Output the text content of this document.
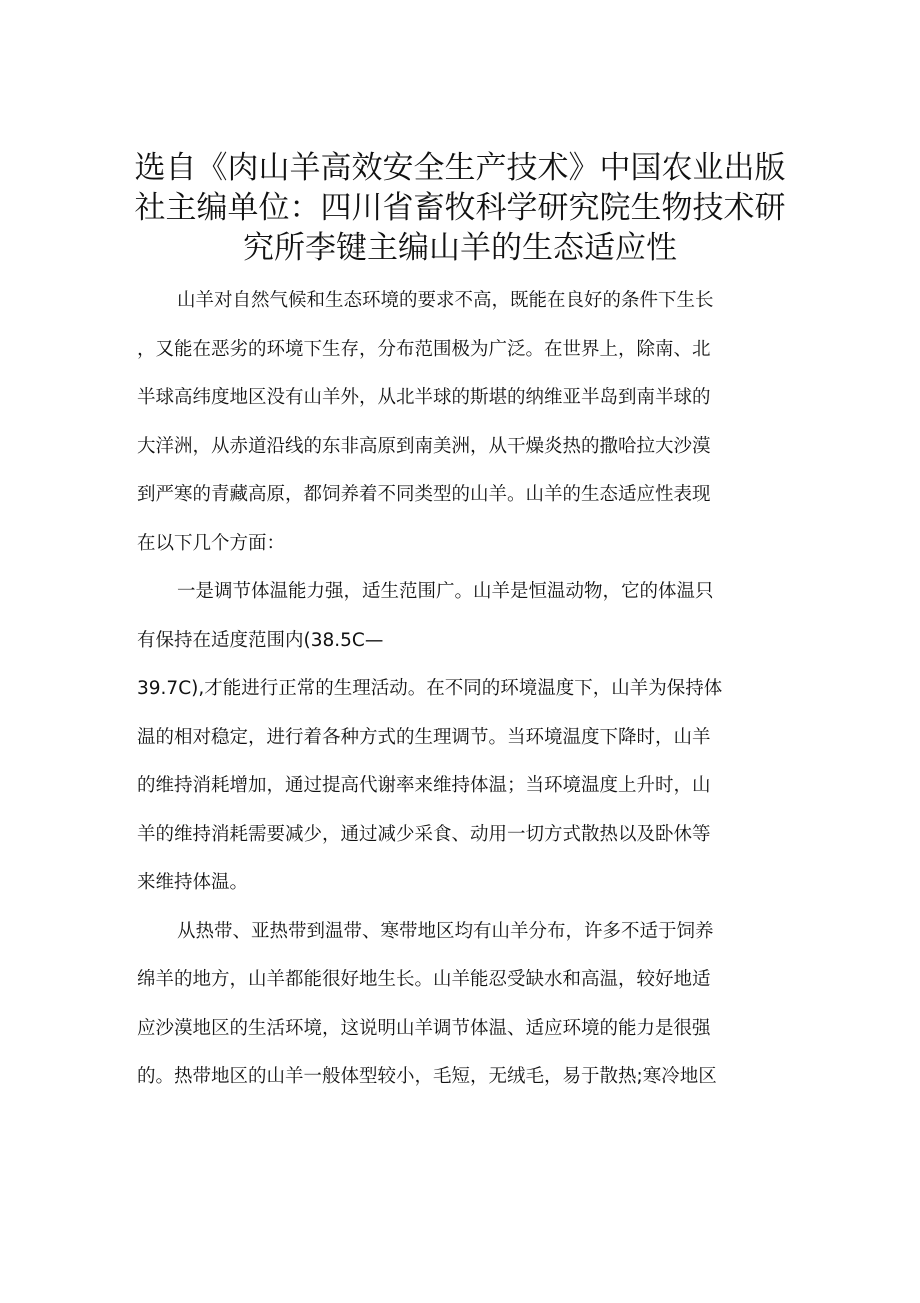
选自《肉山羊高效安全生产技术》中国农业出版
社主编单位：四川省畜牧科学研究院生物技术研
究所李键主编山羊的生态适应性
山羊对自然气候和生态环境的要求不高，既能在良好的条件下生长
，又能在恶劣的环境下生存，分布范围极为广泛。在世界上，除南、北
半球高纬度地区没有山羊外，从北半球的斯堪的纳维亚半岛到南半球的
大洋洲，从赤道沿线的东非高原到南美洲，从干燥炎热的撒哈拉大沙漠
到严寒的青藏高原，都饲养着不同类型的山羊。山羊的生态适应性表现
在以下几个方面：
一是调节体温能力强，适生范围广。山羊是恒温动物，它的体温只
有保持在适度范围内(38.5C—
39.7C),才能进行正常的生理活动。在不同的环境温度下，山羊为保持体
温的相对稳定，进行着各种方式的生理调节。当环境温度下降时，山羊
的维持消耗增加，通过提高代谢率来维持体温；当环境温度上升时，山
羊的维持消耗需要减少，通过减少采食、动用一切方式散热以及卧休等
来维持体温。
从热带、亚热带到温带、寒带地区均有山羊分布，许多不适于饲养
绵羊的地方，山羊都能很好地生长。山羊能忍受缺水和高温，较好地适
应沙漠地区的生活环境，这说明山羊调节体温、适应环境的能力是很强
的。热带地区的山羊一般体型较小，毛短，无绒毛，易于散热;寒冷地区
